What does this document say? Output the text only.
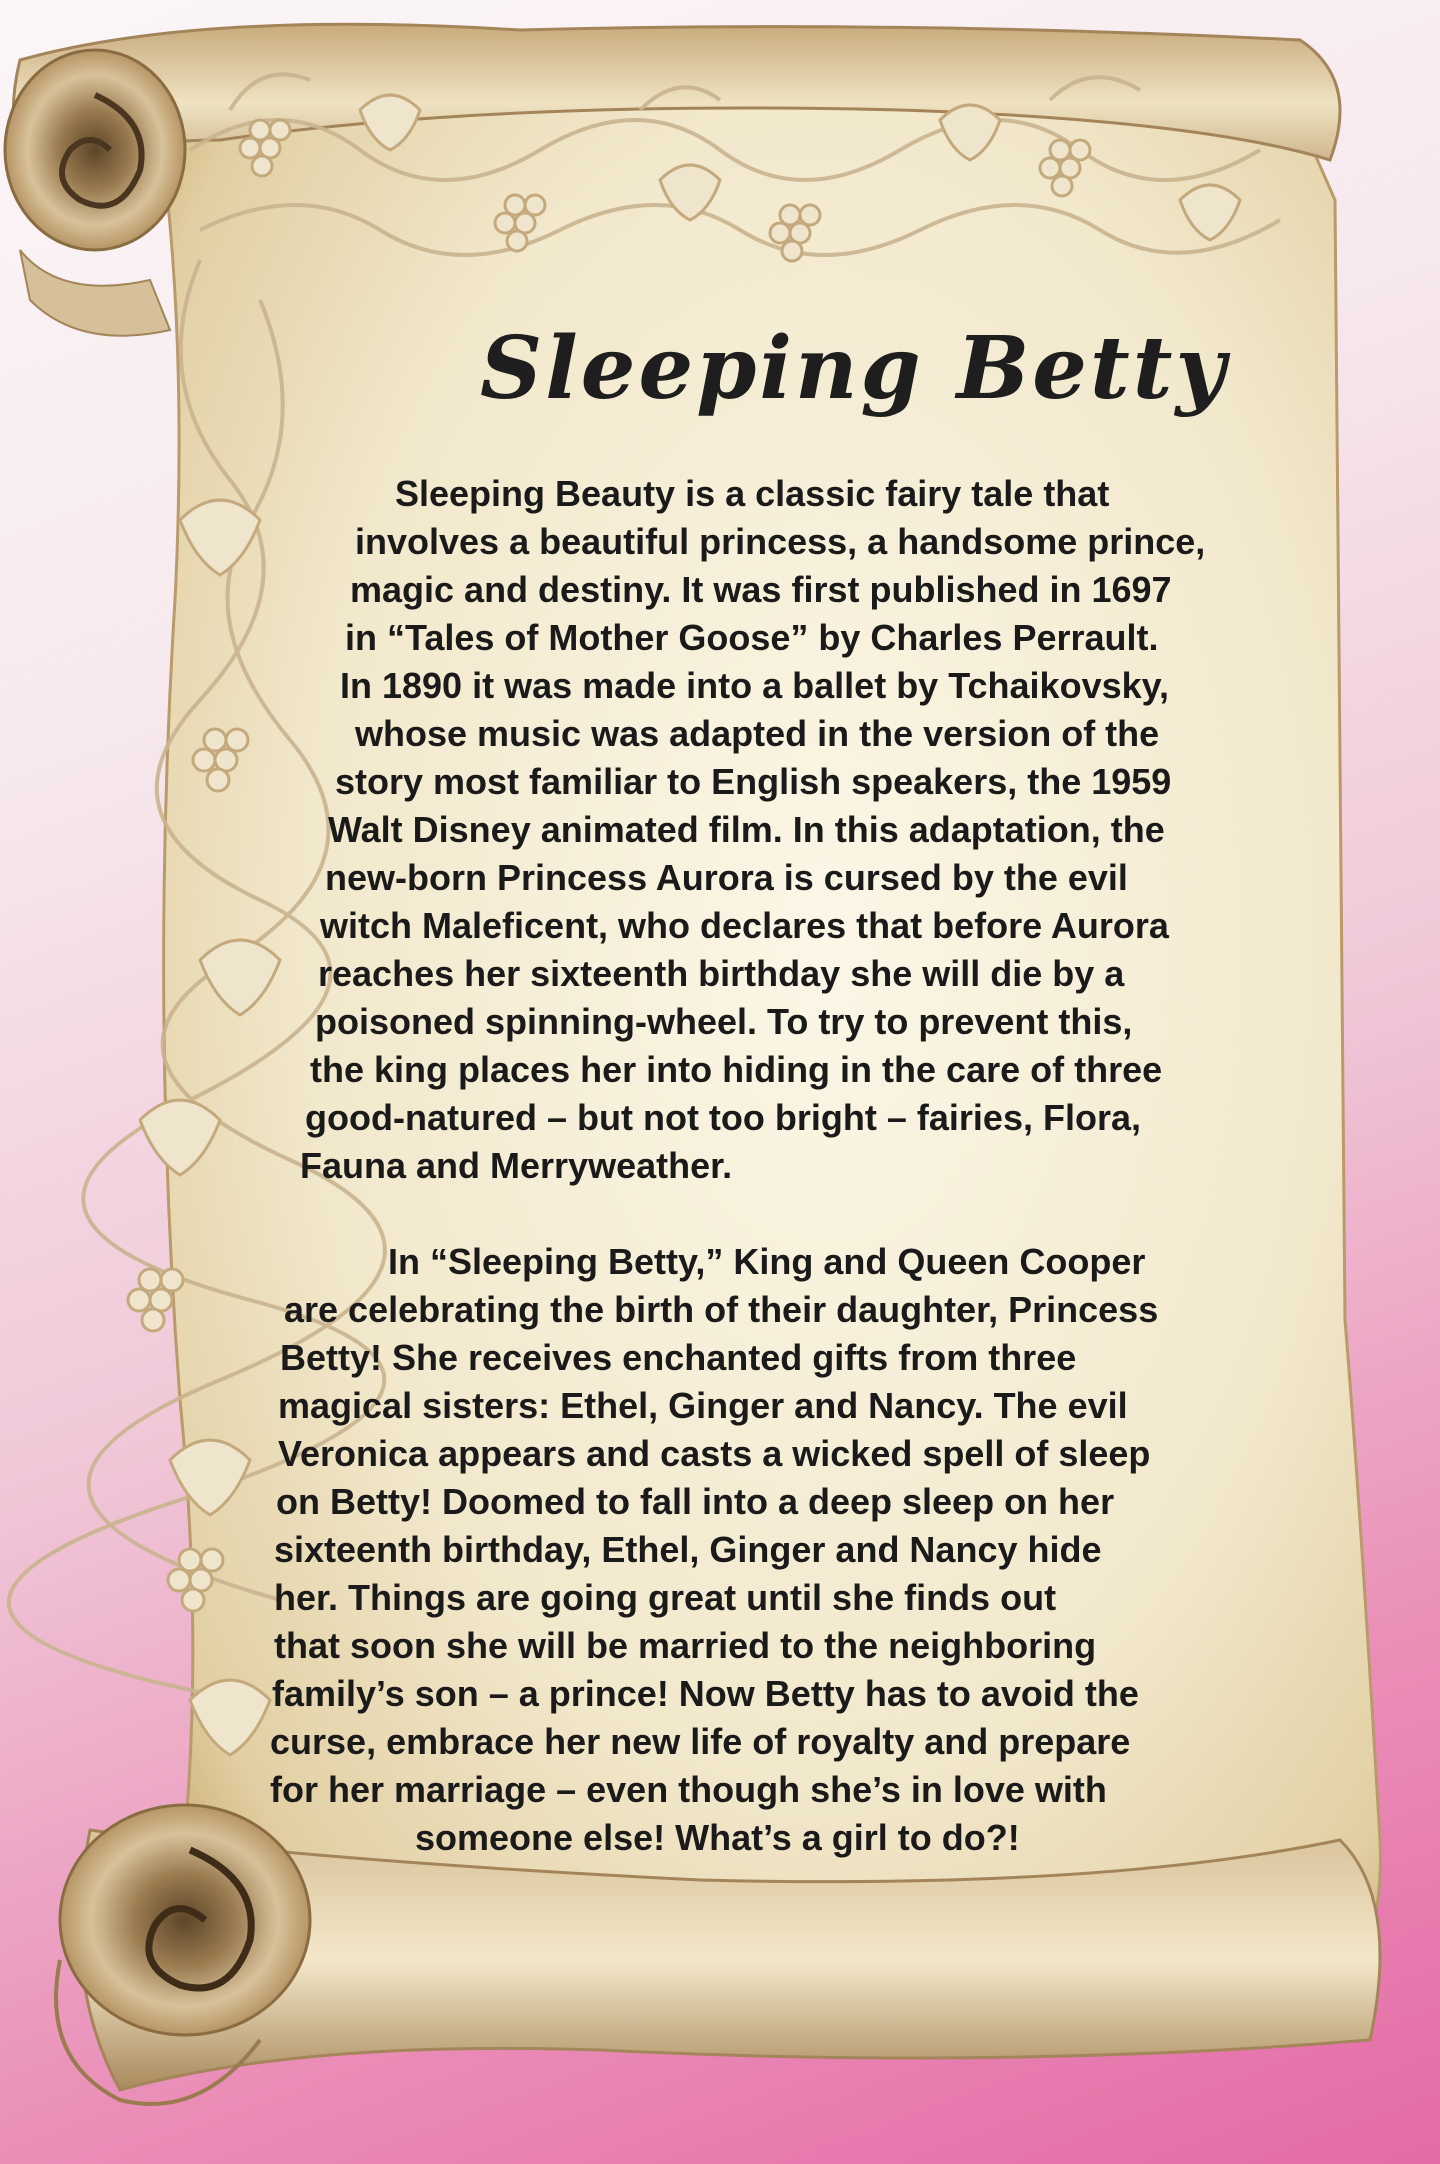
Sleeping Betty
Sleeping Beauty is a classic fairy tale that
involves a beautiful princess, a handsome prince,
magic and destiny. It was first published in 1697
in “Tales of Mother Goose” by Charles Perrault.
In 1890 it was made into a ballet by Tchaikovsky,
whose music was adapted in the version of the
story most familiar to English speakers, the 1959
Walt Disney animated film. In this adaptation, the
new-born Princess Aurora is cursed by the evil
witch Maleficent, who declares that before Aurora
reaches her sixteenth birthday she will die by a
poisoned spinning-wheel. To try to prevent this,
the king places her into hiding in the care of three
good-natured – but not too bright – fairies, Flora,
Fauna and Merryweather.
In “Sleeping Betty,” King and Queen Cooper
are celebrating the birth of their daughter, Princess
Betty! She receives enchanted gifts from three
magical sisters: Ethel, Ginger and Nancy. The evil
Veronica appears and casts a wicked spell of sleep
on Betty! Doomed to fall into a deep sleep on her
sixteenth birthday, Ethel, Ginger and Nancy hide
her. Things are going great until she finds out
that soon she will be married to the neighboring
family’s son – a prince! Now Betty has to avoid the
curse, embrace her new life of royalty and prepare
for her marriage – even though she’s in love with
someone else! What’s a girl to do?!
